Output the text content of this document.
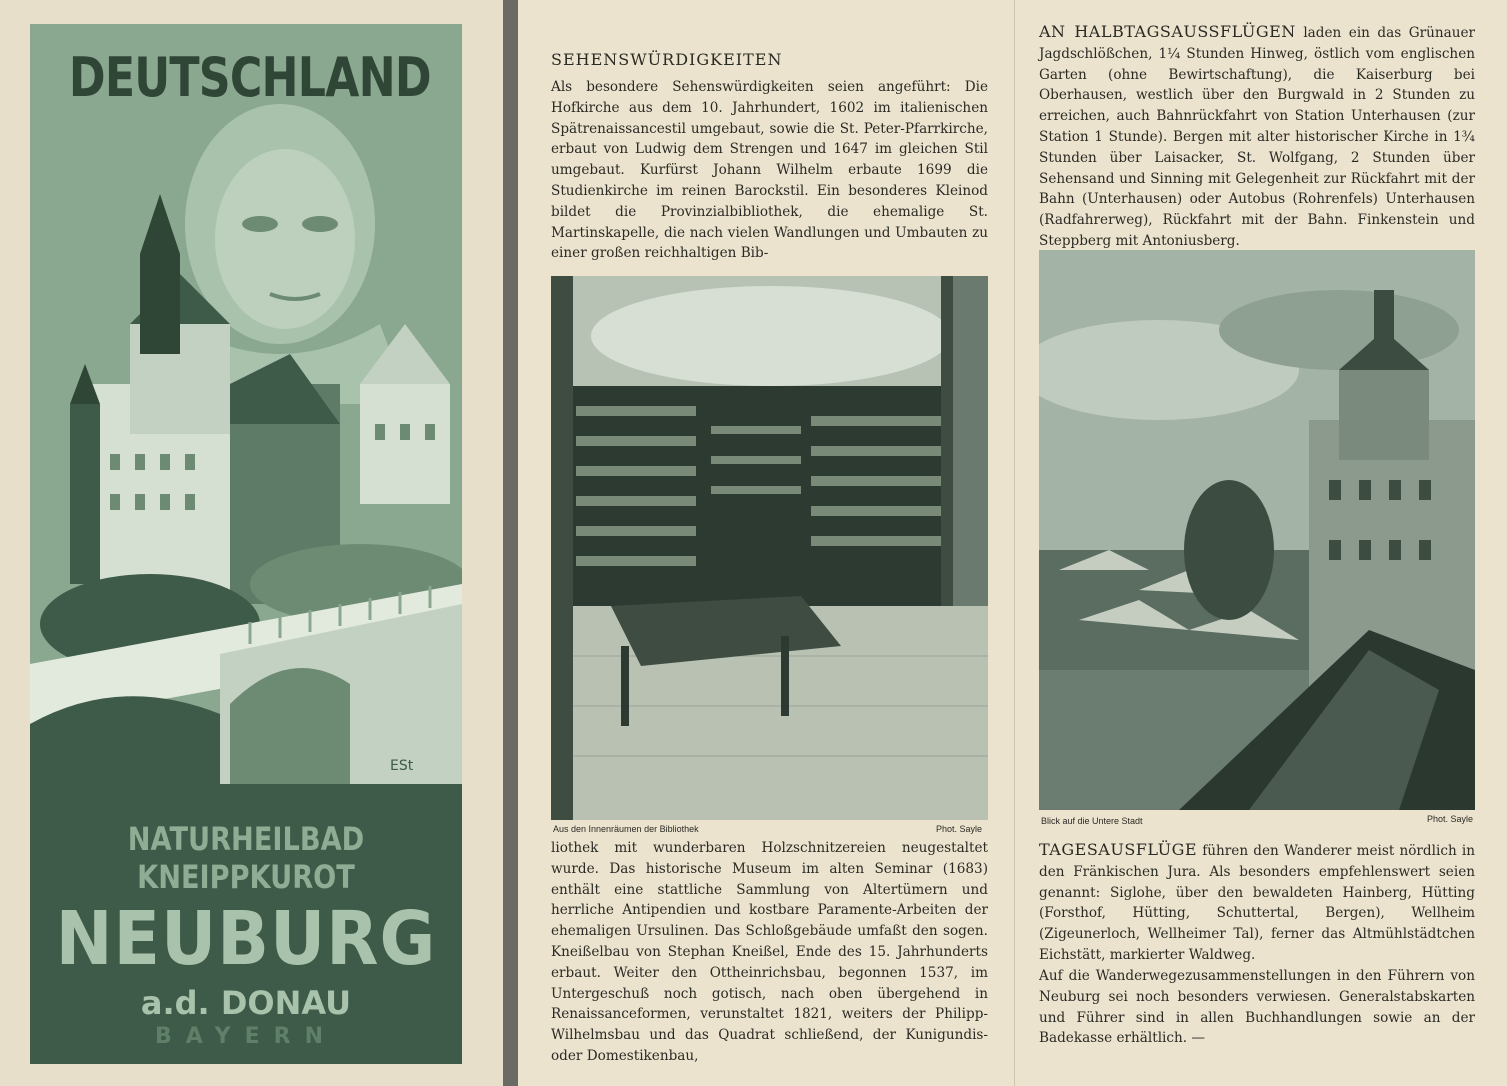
DEUTSCHLAND
ESt
NATURHEILBAD
KNEIPPKUROT
NEUBURG
a.d. DONAU
BAYERN
SEHENSWÜRDIGKEITEN

Als besondere Sehenswürdigkeiten seien angeführt: Die Hofkirche aus dem 10. Jahrhundert, 1602 im italienischen Spätrenaissancestil umgebaut, sowie die St. Peter-Pfarrkirche, erbaut von Ludwig dem Strengen und 1647 im gleichen Stil umgebaut. Kurfürst Johann Wilhelm erbaute 1699 die Studienkirche im reinen Barockstil. Ein besonderes Kleinod bildet die Provinzialbibliothek, die ehemalige St. Martinskapelle, die nach vielen Wandlungen und Umbauten zu einer großen reichhaltigen Bib-

Aus den Innenräumen der Bibliothek	Phot. Sayle

liothek mit wunderbaren Holzschnitzereien neugestaltet wurde. Das historische Museum im alten Seminar (1683) enthält eine stattliche Sammlung von Altertümern und herrliche Antipendien und kostbare Paramente-Arbeiten der ehemaligen Ursulinen. Das Schloßgebäude umfaßt den sogen. Kneißelbau von Stephan Kneißel, Ende des 15. Jahrhunderts erbaut. Weiter den Ottheinrichsbau, begonnen 1537, im Untergeschuß noch gotisch, nach oben übergehend in Renaissanceformen, verunstaltet 1821, weiters der Philipp-Wilhelmsbau und das Quadrat schließend, der Kunigundis- oder Domestikenbau,

AN HALBTAGSAUSSFLÜGEN laden ein das Grünauer Jagdschlößchen, 1¼ Stunden Hinweg, östlich vom englischen Garten (ohne Bewirtschaftung), die Kaiserburg bei Oberhausen, westlich über den Burgwald in 2 Stunden zu erreichen, auch Bahnrückfahrt von Station Unterhausen (zur Station 1 Stunde). Bergen mit alter historischer Kirche in 1¾ Stunden über Laisacker, St. Wolfgang, 2 Stunden über Sehensand und Sinning mit Gelegenheit zur Rückfahrt mit der Bahn (Unterhausen) oder Autobus (Rohrenfels) Unterhausen (Radfahrerweg), Rückfahrt mit der Bahn. Finkenstein und Steppberg mit Antoniusberg.

Blick auf die Untere Stadt	Phot. Sayle

TAGESAUSFLÜGE führen den Wanderer meist nördlich in den Fränkischen Jura. Als besonders empfehlenswert seien genannt: Siglohe, über den bewaldeten Hainberg, Hütting (Forsthof, Hütting, Schuttertal, Bergen), Wellheim (Zigeunerloch, Wellheimer Tal), ferner das Altmühlstädtchen Eichstätt, markierter Waldweg.

Auf die Wanderwegezusammenstellungen in den Führern von Neuburg sei noch besonders verwiesen. Generalstabskarten und Führer sind in allen Buchhandlungen sowie an der Badekasse erhältlich. —
